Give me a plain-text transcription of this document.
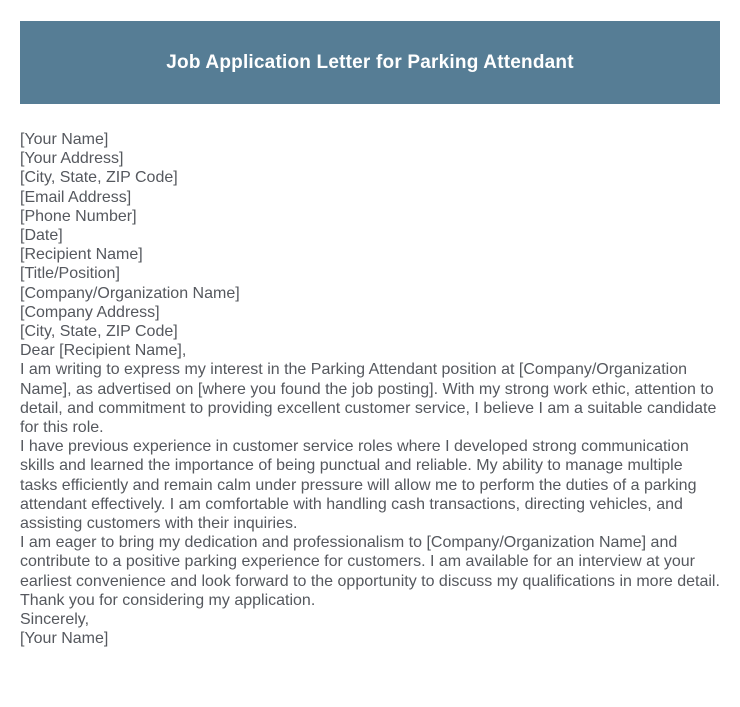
Job Application Letter for Parking Attendant

[Your Name]

[Your Address]

[City, State, ZIP Code]

[Email Address]

[Phone Number]

[Date]

[Recipient Name]

[Title/Position]

[Company/Organization Name]

[Company Address]

[City, State, ZIP Code]

Dear [Recipient Name],

I am writing to express my interest in the Parking Attendant position at [Company/Organization Name], as advertised on [where you found the job posting]. With my strong work ethic, attention to detail, and commitment to providing excellent customer service, I believe I am a suitable candidate for this role.

I have previous experience in customer service roles where I developed strong communication skills and learned the importance of being punctual and reliable. My ability to manage multiple tasks efficiently and remain calm under pressure will allow me to perform the duties of a parking attendant effectively. I am comfortable with handling cash transactions, directing vehicles, and assisting customers with their inquiries.

I am eager to bring my dedication and professionalism to [Company/Organization Name] and contribute to a positive parking experience for customers. I am available for an interview at your earliest convenience and look forward to the opportunity to discuss my qualifications in more detail.

Thank you for considering my application.

Sincerely,

[Your Name]
